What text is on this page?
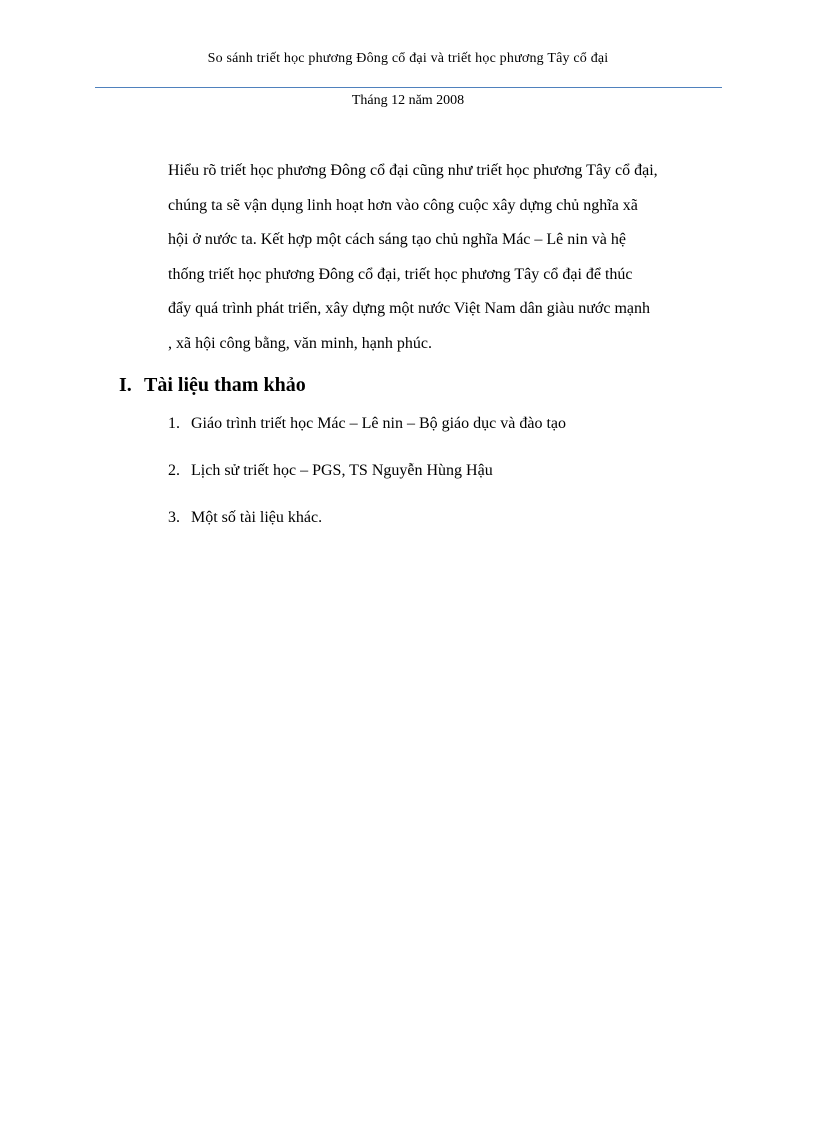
So sánh triết học phương Đông cổ đại và triết học phương Tây cổ đại
Tháng 12 năm 2008

Hiểu rõ triết học phương Đông cổ đại cũng như triết học phương Tây cổ đại,
chúng ta sẽ vận dụng linh hoạt hơn vào công cuộc xây dựng chủ nghĩa xã
hội ở nước ta. Kết hợp một cách sáng tạo chủ nghĩa Mác – Lê nin và hệ
thống triết học phương Đông cổ đại, triết học phương Tây cổ đại để thúc
đẩy quá trình phát triển, xây dựng một nước Việt Nam dân giàu nước mạnh
, xã hội công bằng, văn minh, hạnh phúc.

I. Tài liệu tham khảo
1. Giáo trình triết học Mác – Lê nin – Bộ giáo dục và đào tạo
2. Lịch sử triết học – PGS, TS Nguyễn Hùng Hậu
3. Một số tài liệu khác.
